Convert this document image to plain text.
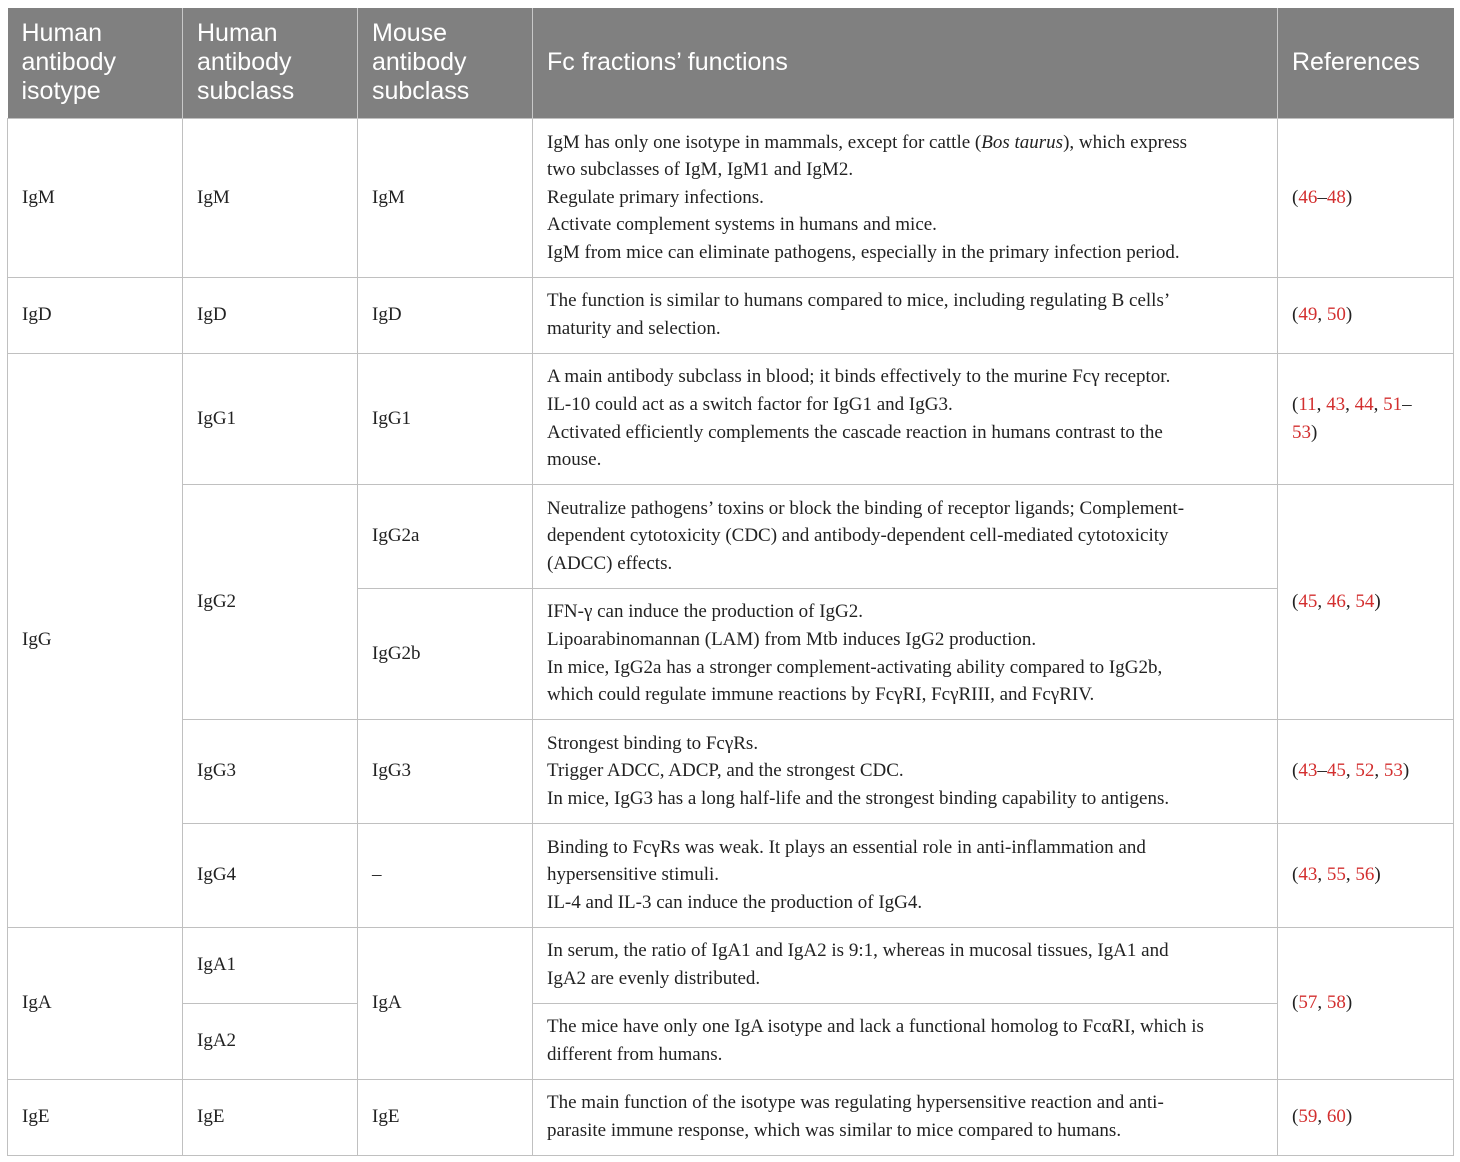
Human antibody isotype	Human antibody subclass	Mouse antibody subclass	Fc fractions’ functions	References
IgM	IgM	IgM	IgM has only one isotype in mammals, except for cattle (Bos taurus), which express
two subclasses of IgM, IgM1 and IgM2.
Regulate primary infections.
Activate complement systems in humans and mice.
IgM from mice can eliminate pathogens, especially in the primary infection period.	(46–48)
IgD	IgD	IgD	The function is similar to humans compared to mice, including regulating B cells’
maturity and selection.	(49, 50)
IgG	IgG1	IgG1	A main antibody subclass in blood; it binds effectively to the murine Fcγ receptor.
IL-10 could act as a switch factor for IgG1 and IgG3.
Activated efficiently complements the cascade reaction in humans contrast to the
mouse.	(11, 43, 44, 51–
53)
	IgG2	IgG2a	Neutralize pathogens’ toxins or block the binding of receptor ligands; Complement-
dependent cytotoxicity (CDC) and antibody-dependent cell-mediated cytotoxicity
(ADCC) effects.	(45, 46, 54)
		IgG2b	IFN-γ can induce the production of IgG2.
Lipoarabinomannan (LAM) from Mtb induces IgG2 production.
In mice, IgG2a has a stronger complement-activating ability compared to IgG2b,
which could regulate immune reactions by FcγRI, FcγRIII, and FcγRIV.	

	IgG3	IgG3	Strongest binding to FcγRs.
Trigger ADCC, ADCP, and the strongest CDC.
In mice, IgG3 has a long half-life and the strongest binding capability to antigens.	(43–45, 52, 53)
	IgG4	–	Binding to FcγRs was weak. It plays an essential role in anti-inflammation and
hypersensitive stimuli.
IL-4 and IL-3 can induce the production of IgG4.	(43, 55, 56)
IgA	IgA1	IgA	In serum, the ratio of IgA1 and IgA2 is 9:1, whereas in mucosal tissues, IgA1 and
IgA2 are evenly distributed.	(57, 58)
	IgA2		The mice have only one IgA isotype and lack a functional homolog to FcαRI, which is
different from humans.	

IgE	IgE	IgE	The main function of the isotype was regulating hypersensitive reaction and anti-
parasite immune response, which was similar to mice compared to humans.	(59, 60)
